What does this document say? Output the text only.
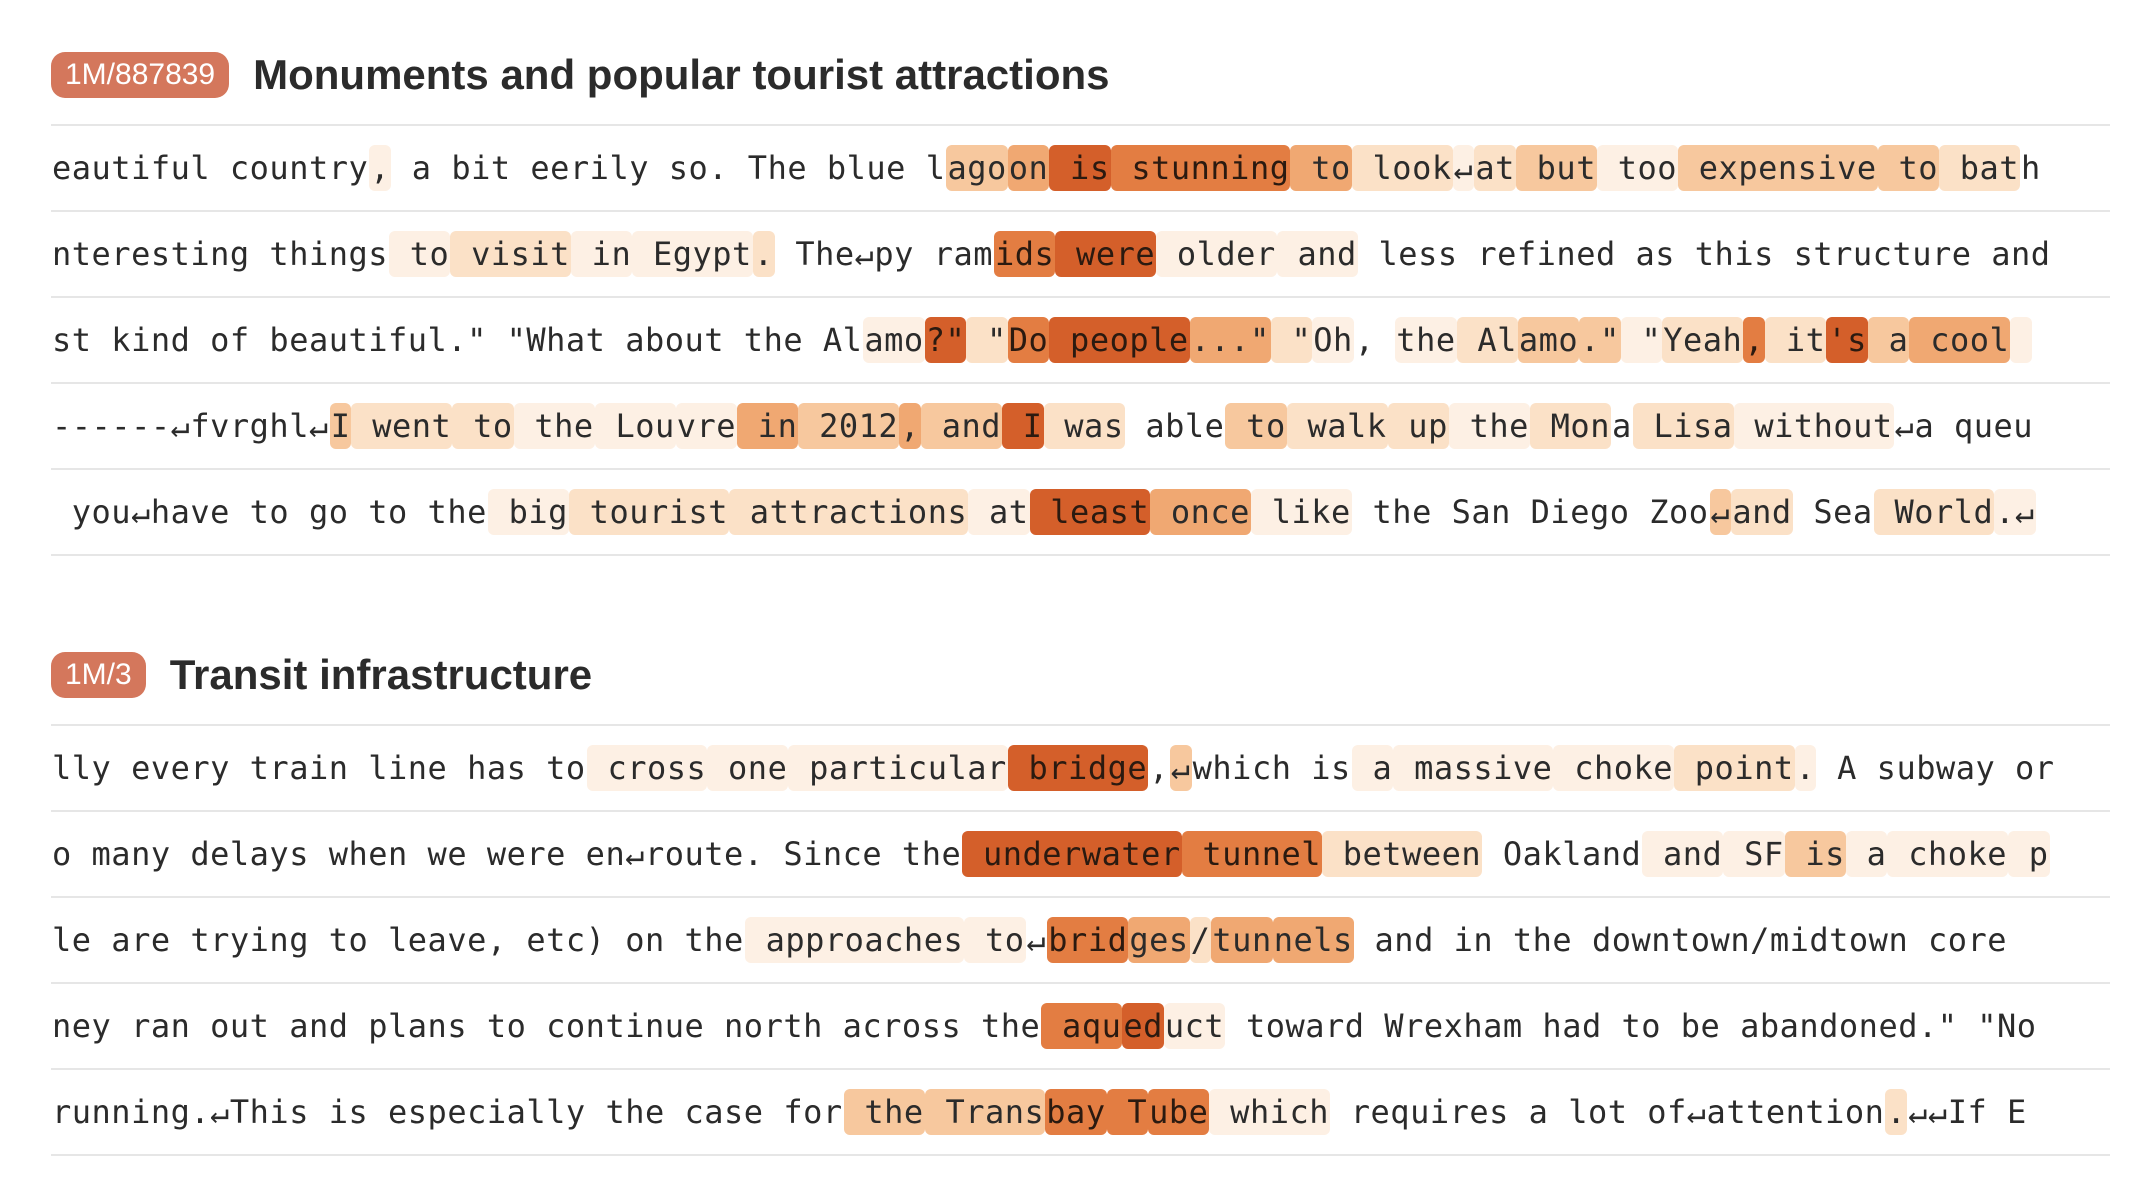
1M/887839 Monuments and popular tourist attractions
eautiful country , a bit eerily so. The blue l ago on is stunning to look ↵ at but too expensive to bat h
nteresting things to visit in Egypt . The↵py ram ids were older and less refined as this structure and
st kind of beautiful." "What about the Al amo ?" " Do people ..." " Oh , the Al amo ." " Yeah , it 's a cool

------↵fvrghl↵ I went to the Lou vre in 2012 , and I was able to walk up the Mon a Lisa without ↵a queu
you↵have to go to the big tourist attractions at least once like the San Diego Zoo ↵ and Sea World .↵
1M/3 Transit infrastructure
lly every train line has to cross one particular bridge , ↵ which is a massive choke point . A subway or
o many delays when we were en↵route. Since the underwater tunnel between Oakland and SF is a choke p
le are trying to leave, etc) on the approaches to ↵ brid ges / tun nels and in the downtown/midtown core
ney ran out and plans to continue north across the aqu ed uct toward Wrexham had to be abandoned." "No
running.↵This is especially the case for the Trans bay T ube which requires a lot of↵attention . ↵↵If E
